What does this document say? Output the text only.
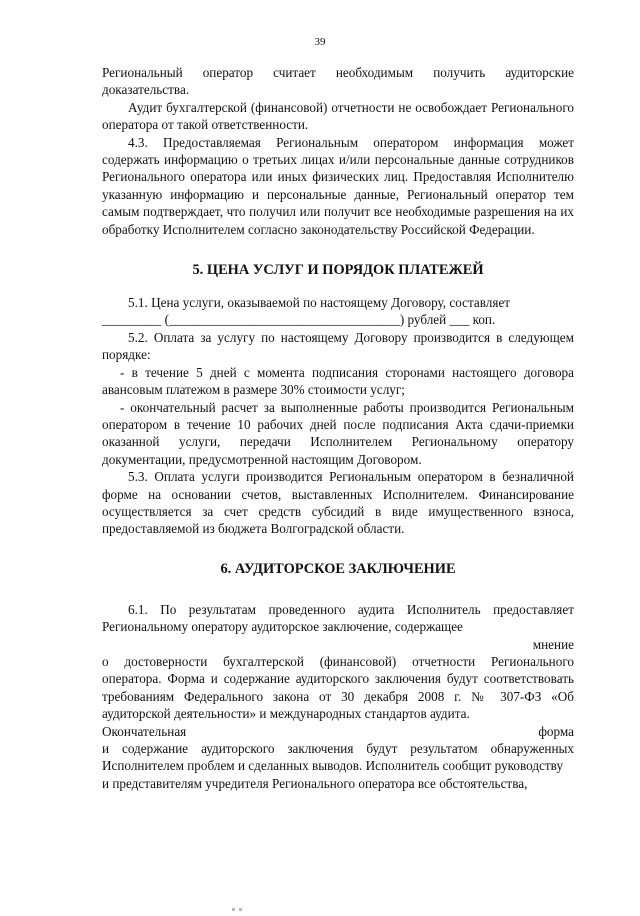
39

Региональный оператор считает необходимым получить аудиторские доказательства.

Аудит бухгалтерской (финансовой) отчетности не освобождает Регионального оператора от такой ответственности.

4.3. Предоставляемая Региональным оператором информация может содержать информацию о третьих лицах и/или персональные данные сотрудников Регионального оператора или иных физических лиц. Предоставляя Исполнителю указанную информацию и персональные данные, Региональный оператор тем самым подтверждает, что получил или получит все необходимые разрешения на их обработку Исполнителем согласно законодательству Российской Федерации.

5. ЦЕНА УСЛУГ И ПОРЯДОК ПЛАТЕЖЕЙ

5.1. Цена услуги, оказываемой по настоящему Договору, составляет

_________ (___________________________________) рублей ___ коп.

5.2. Оплата за услугу по настоящему Договору производится в следующем порядке:

- в течение 5 дней с момента подписания сторонами настоящего договора авансовым платежом в размере 30% стоимости услуг;

- окончательный расчет за выполненные работы производится Региональным оператором в течение 10 рабочих дней после подписания Акта сдачи-приемки оказанной услуги, передачи Исполнителем Региональному оператору документации, предусмотренной настоящим Договором.

5.3. Оплата услуги производится Региональным оператором в безналичной форме на основании счетов, выставленных Исполнителем. Финансирование осуществляется за счет средств субсидий в виде имущественного взноса, предоставляемой из бюджета Волгоградской области.

6. АУДИТОРСКОЕ ЗАКЛЮЧЕНИЕ

6.1. По результатам проведенного аудита Исполнитель предоставляет Региональному оператору аудиторское заключение, содержащее

мнение

о достоверности бухгалтерской (финансовой) отчетности Регионального оператора. Форма и содержание аудиторского заключения будут соответствовать требованиям Федерального закона от 30 декабря 2008 г. № 307-ФЗ «Об аудиторской деятельности» и международных стандартов аудита.

Окончательная	форма

и содержание аудиторского заключения будут результатом обнаруженных Исполнителем проблем и сделанных выводов. Исполнитель сообщит руководству

и представителям учредителя Регионального оператора все обстоятельства,
